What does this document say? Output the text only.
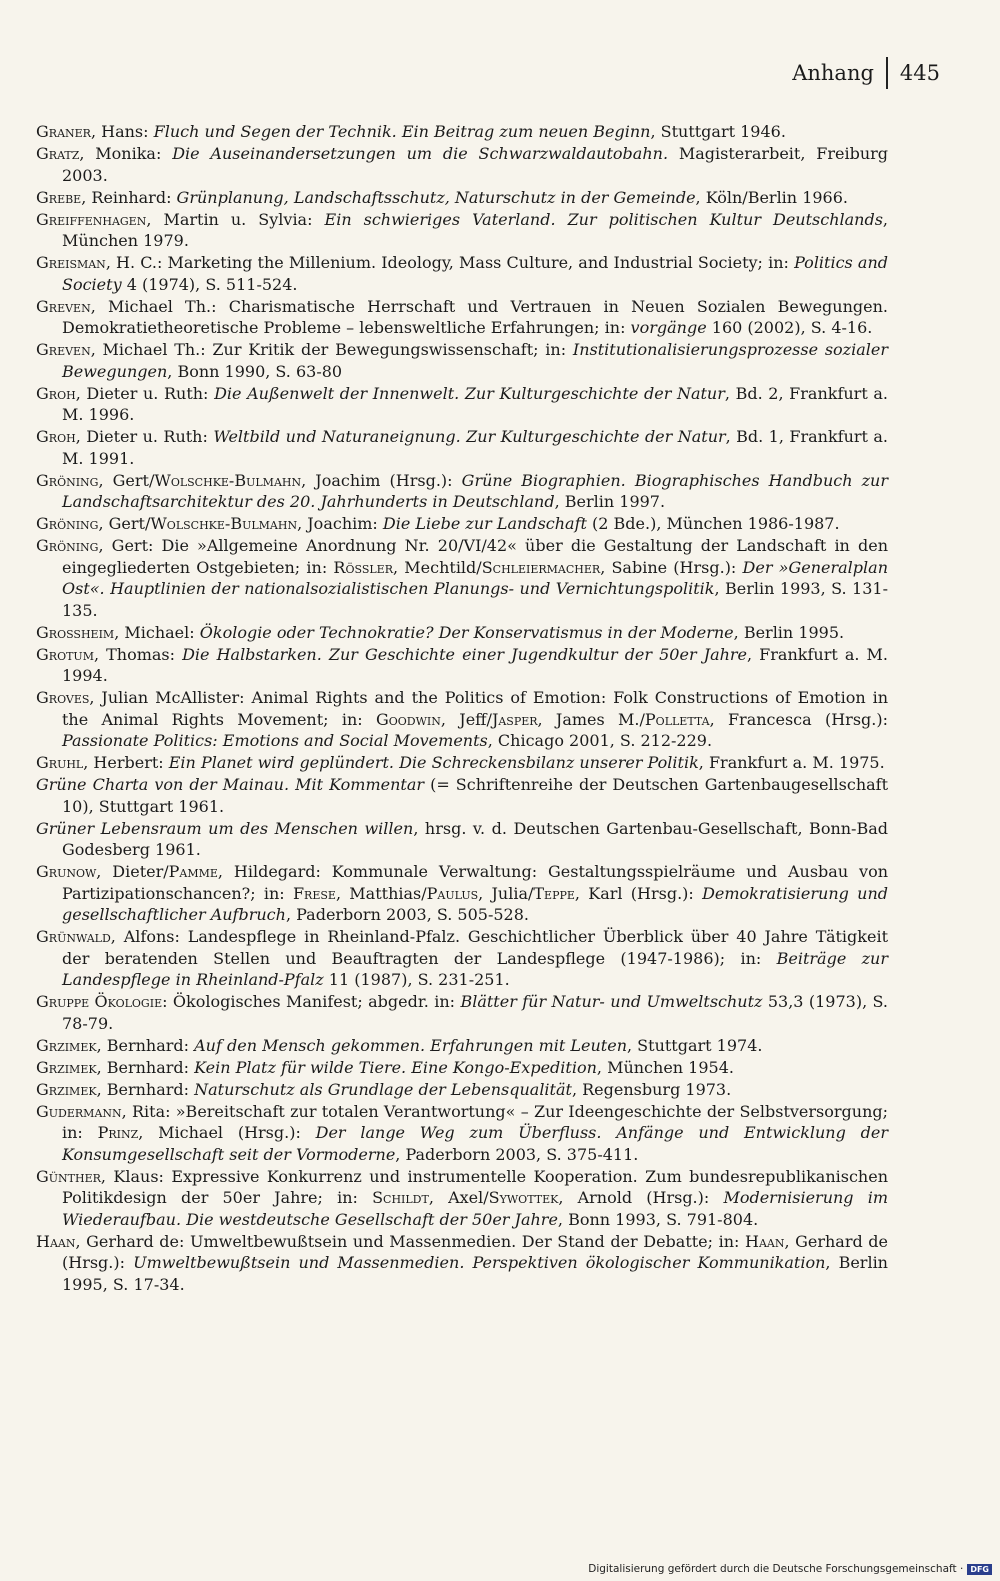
Anhang 445

Graner, Hans: Fluch und Segen der Technik. Ein Beitrag zum neuen Beginn, Stuttgart 1946.

Gratz, Monika: Die Auseinandersetzungen um die Schwarzwaldautobahn. Magisterarbeit, Freiburg 2003.

Grebe, Reinhard: Grünplanung, Landschaftsschutz, Naturschutz in der Gemeinde, Köln/Berlin 1966.

Greiffenhagen, Martin u. Sylvia: Ein schwieriges Vaterland. Zur politischen Kultur Deutschlands, München 1979.

Greisman, H. C.: Marketing the Millenium. Ideology, Mass Culture, and Industrial Society; in: Politics and Society 4 (1974), S. 511-524.

Greven, Michael Th.: Charismatische Herrschaft und Vertrauen in Neuen Sozialen Bewegungen. Demokratietheoretische Probleme – lebensweltliche Erfahrungen; in: vorgänge 160 (2002), S. 4-16.

Greven, Michael Th.: Zur Kritik der Bewegungswissenschaft; in: Institutionalisierungsprozesse sozialer Bewegungen, Bonn 1990, S. 63-80

Groh, Dieter u. Ruth: Die Außenwelt der Innenwelt. Zur Kulturgeschichte der Natur, Bd. 2, Frankfurt a. M. 1996.

Groh, Dieter u. Ruth: Weltbild und Naturaneignung. Zur Kulturgeschichte der Natur, Bd. 1, Frankfurt a. M. 1991.

Gröning, Gert/Wolschke-Bulmahn, Joachim (Hrsg.): Grüne Biographien. Biographisches Handbuch zur Landschaftsarchitektur des 20. Jahrhunderts in Deutschland, Berlin 1997.

Gröning, Gert/Wolschke-Bulmahn, Joachim: Die Liebe zur Landschaft (2 Bde.), München 1986-1987.

Gröning, Gert: Die »Allgemeine Anordnung Nr. 20/VI/42« über die Gestaltung der Landschaft in den eingegliederten Ostgebieten; in: Rössler, Mechtild/Schleiermacher, Sabine (Hrsg.): Der »Generalplan Ost«. Hauptlinien der nationalsozialistischen Planungs- und Vernichtungspolitik, Berlin 1993, S. 131-135.

Grossheim, Michael: Ökologie oder Technokratie? Der Konservatismus in der Moderne, Berlin 1995.

Grotum, Thomas: Die Halbstarken. Zur Geschichte einer Jugendkultur der 50er Jahre, Frankfurt a. M. 1994.

Groves, Julian McAllister: Animal Rights and the Politics of Emotion: Folk Constructions of Emotion in the Animal Rights Movement; in: Goodwin, Jeff/Jasper, James M./Polletta, Francesca (Hrsg.): Passionate Politics: Emotions and Social Movements, Chicago 2001, S. 212-229.

Gruhl, Herbert: Ein Planet wird geplündert. Die Schreckensbilanz unserer Politik, Frankfurt a. M. 1975.

Grüne Charta von der Mainau. Mit Kommentar (= Schriftenreihe der Deutschen Gartenbaugesellschaft 10), Stuttgart 1961.

Grüner Lebensraum um des Menschen willen, hrsg. v. d. Deutschen Gartenbau-Gesellschaft, Bonn-Bad Godesberg 1961.

Grunow, Dieter/Pamme, Hildegard: Kommunale Verwaltung: Gestaltungsspielräume und Ausbau von Partizipationschancen?; in: Frese, Matthias/Paulus, Julia/Teppe, Karl (Hrsg.): Demokratisierung und gesellschaftlicher Aufbruch, Paderborn 2003, S. 505-528.

Grünwald, Alfons: Landespflege in Rheinland-Pfalz. Geschichtlicher Überblick über 40 Jahre Tätigkeit der beratenden Stellen und Beauftragten der Landespflege (1947-1986); in: Beiträge zur Landespflege in Rheinland-Pfalz 11 (1987), S. 231-251.

Gruppe Ökologie: Ökologisches Manifest; abgedr. in: Blätter für Natur- und Umweltschutz 53,3 (1973), S. 78-79.

Grzimek, Bernhard: Auf den Mensch gekommen. Erfahrungen mit Leuten, Stuttgart 1974.

Grzimek, Bernhard: Kein Platz für wilde Tiere. Eine Kongo-Expedition, München 1954.

Grzimek, Bernhard: Naturschutz als Grundlage der Lebensqualität, Regensburg 1973.

Gudermann, Rita: »Bereitschaft zur totalen Verantwortung« – Zur Ideengeschichte der Selbstversorgung; in: Prinz, Michael (Hrsg.): Der lange Weg zum Überfluss. Anfänge und Entwicklung der Konsumgesellschaft seit der Vormoderne, Paderborn 2003, S. 375-411.

Günther, Klaus: Expressive Konkurrenz und instrumentelle Kooperation. Zum bundesrepublikanischen Politikdesign der 50er Jahre; in: Schildt, Axel/Sywottek, Arnold (Hrsg.): Modernisierung im Wiederaufbau. Die westdeutsche Gesellschaft der 50er Jahre, Bonn 1993, S. 791-804.

Haan, Gerhard de: Umweltbewußtsein und Massenmedien. Der Stand der Debatte; in: Haan, Gerhard de (Hrsg.): Umweltbewußtsein und Massenmedien. Perspektiven ökologischer Kommunikation, Berlin 1995, S. 17-34.

Digitalisierung gefördert durch die Deutsche Forschungsgemeinschaft · DFG
